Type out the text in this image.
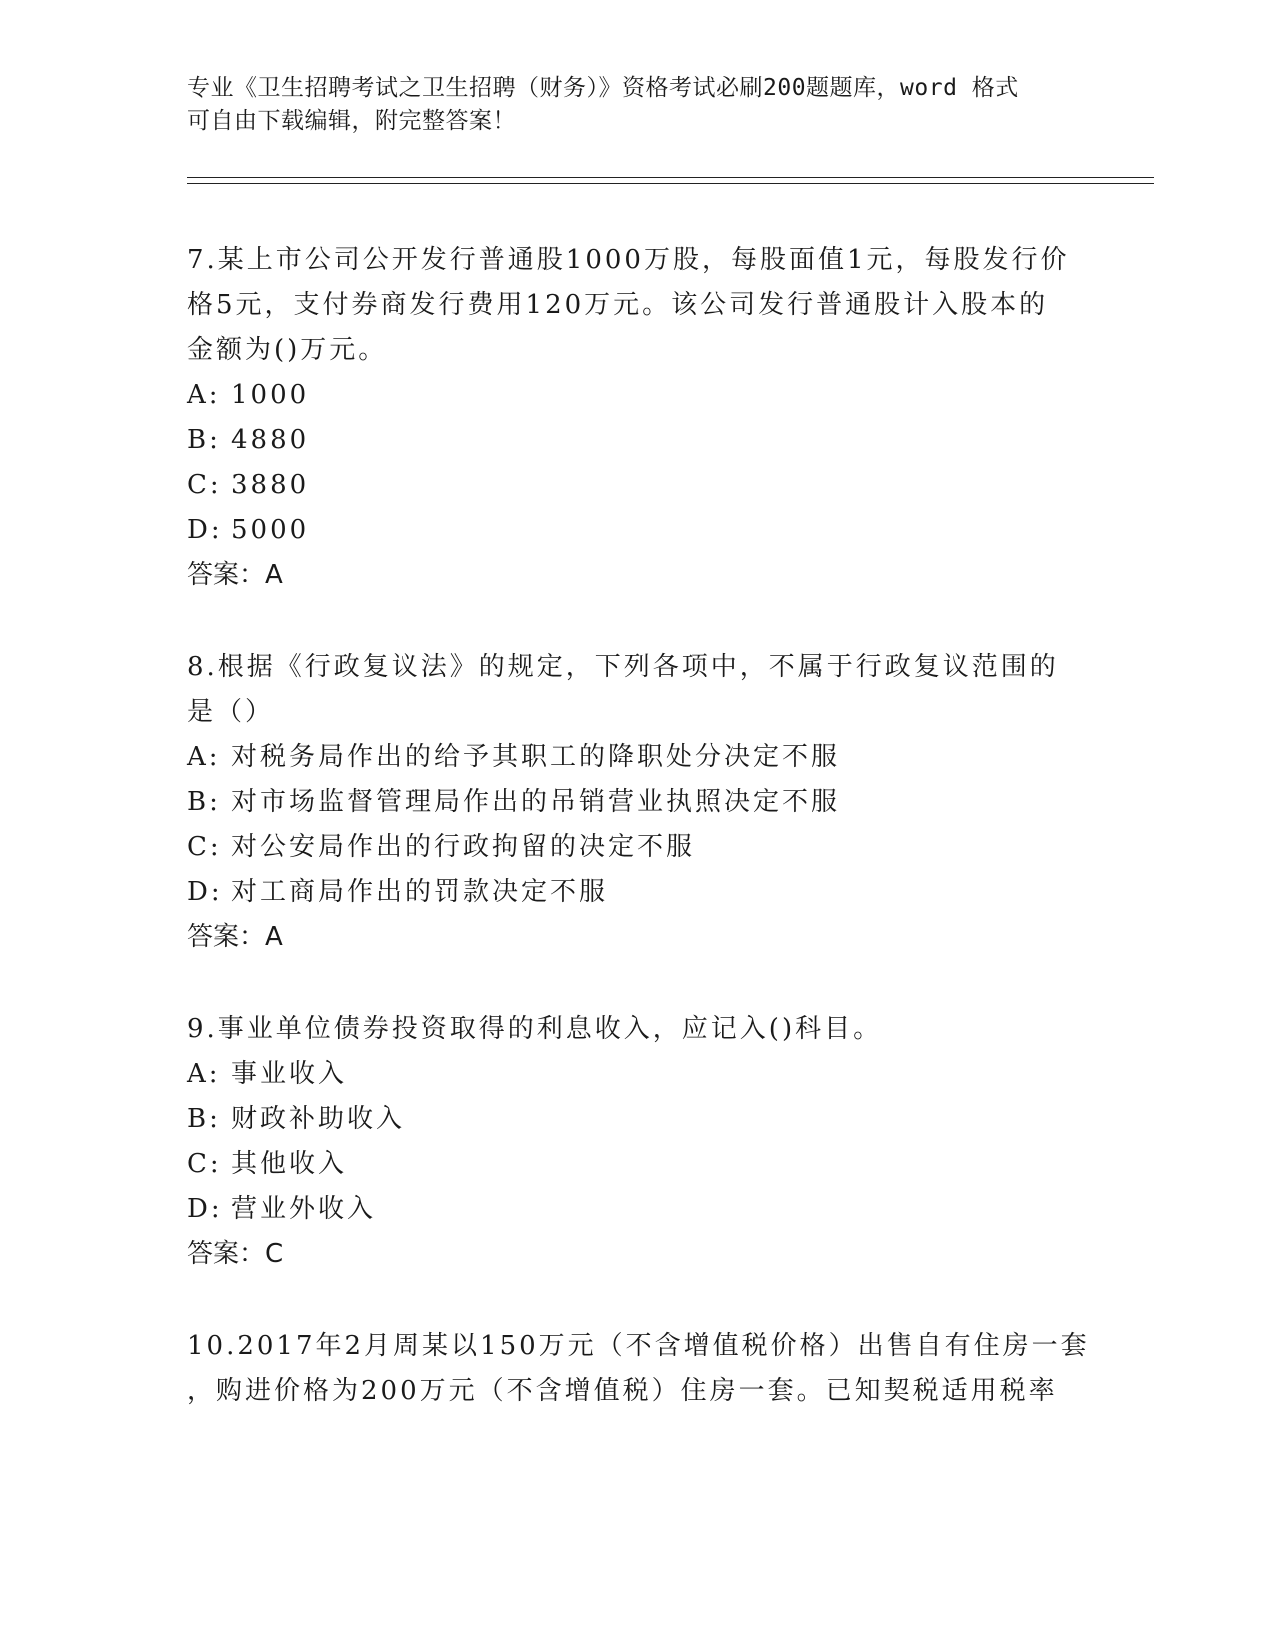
专业《卫生招聘考试之卫生招聘（财务）》资格考试必刷200题题库，word 格式
可自由下载编辑，附完整答案！
7.某上市公司公开发行普通股1000万股，每股面值1元，每股发行价
格5元，支付券商发行费用120万元。该公司发行普通股计入股本的
金额为()万元。
A: 1000
B: 4880
C: 3880
D: 5000
答案：A
8.根据《行政复议法》的规定，下列各项中，不属于行政复议范围的
是（）
A: 对税务局作出的给予其职工的降职处分决定不服
B: 对市场监督管理局作出的吊销营业执照决定不服
C: 对公安局作出的行政拘留的决定不服
D: 对工商局作出的罚款决定不服
答案：A
9.事业单位债券投资取得的利息收入，应记入()科目。
A: 事业收入
B: 财政补助收入
C: 其他收入
D: 营业外收入
答案：C
10.2017年2月周某以150万元（不含增值税价格）出售自有住房一套
，购进价格为200万元（不含增值税）住房一套。已知契税适用税率
